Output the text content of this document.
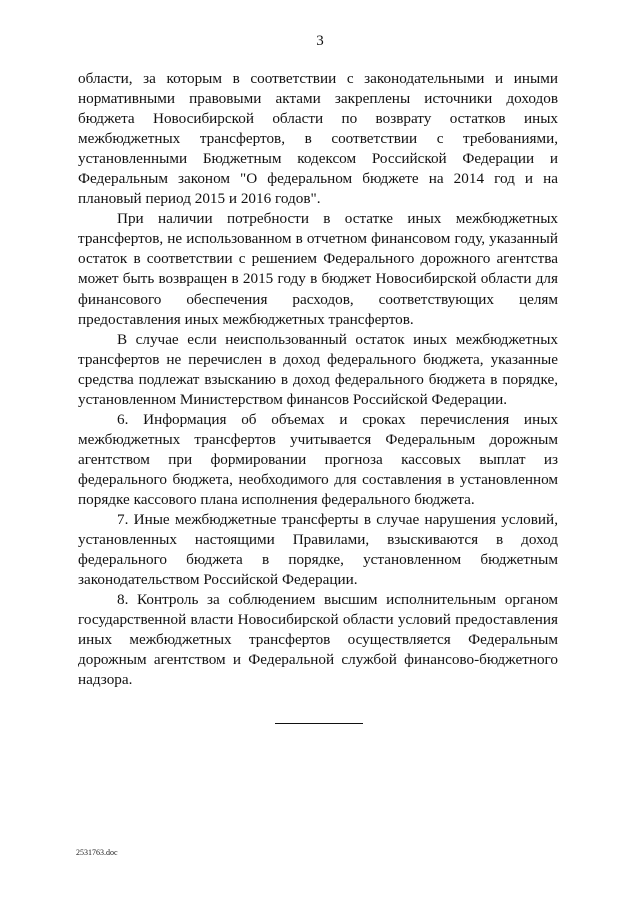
3

области, за которым в соответствии с законодательными и иными нормативными правовыми актами закреплены источники доходов бюджета Новосибирской области по возврату остатков иных межбюджетных трансфертов, в соответствии с требованиями, установленными Бюджетным кодексом Российской Федерации и Федеральным законом "О федеральном бюджете на 2014 год и на плановый период 2015 и 2016 годов".

При наличии потребности в остатке иных межбюджетных трансфертов, не использованном в отчетном финансовом году, указанный остаток в соответствии с решением Федерального дорожного агентства может быть возвращен в 2015 году в бюджет Новосибирской области для финансового обеспечения расходов, соответствующих целям предоставления иных межбюджетных трансфертов.

В случае если неиспользованный остаток иных межбюджетных трансфертов не перечислен в доход федерального бюджета, указанные средства подлежат взысканию в доход федерального бюджета в порядке, установленном Министерством финансов Российской Федерации.

6. Информация об объемах и сроках перечисления иных межбюджетных трансфертов учитывается Федеральным дорожным агентством при формировании прогноза кассовых выплат из федерального бюджета, необходимого для составления в установленном порядке кассового плана исполнения федерального бюджета.

7. Иные межбюджетные трансферты в случае нарушения условий, установленных настоящими Правилами, взыскиваются в доход федерального бюджета в порядке, установленном бюджетным законодательством Российской Федерации.

8. Контроль за соблюдением высшим исполнительным органом государственной власти Новосибирской области условий предоставления иных межбюджетных трансфертов осуществляется Федеральным дорожным агентством и Федеральной службой финансово-бюджетного надзора.

2531763.doc
